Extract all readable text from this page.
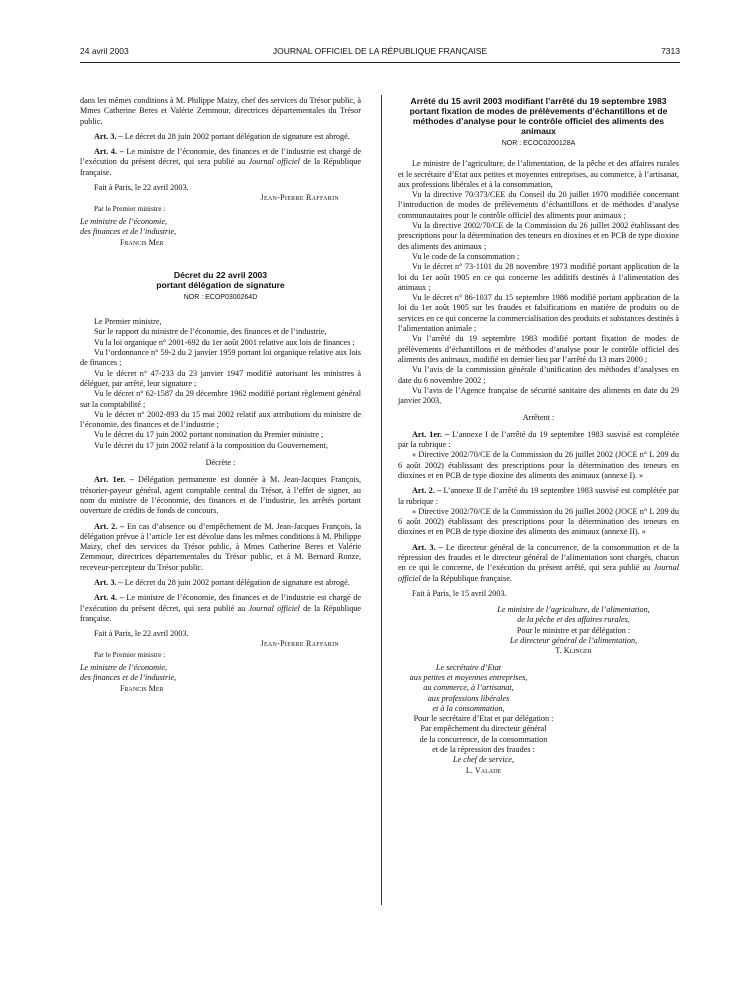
24 avril 2003	JOURNAL OFFICIEL DE LA RÉPUBLIQUE FRANÇAISE	7313

dans les mêmes conditions à M. Philippe Maizy, chef des services du Trésor public, à Mmes Catherine Beres et Valérie Zemmour, directrices départementales du Trésor public.

Art. 3. – Le décret du 28 juin 2002 portant délégation de signature est abrogé.

Art. 4. – Le ministre de l’économie, des finances et de l’industrie est chargé de l’exécution du présent décret, qui sera publié au Journal officiel de la République française.

Fait à Paris, le 22 avril 2003.

Jean-Pierre Raffarin

Par le Premier ministre :

Le ministre de l’économie,

des finances et de l’industrie,

Francis Mer

Décret du 22 avril 2003
portant délégation de signature
NOR : ECOP0300264D

Le Premier ministre,

Sur le rapport du ministre de l’économie, des finances et de l’industrie,

Vu la loi organique n° 2001-692 du 1er août 2001 relative aux lois de finances ;

Vu l’ordonnance n° 59-2 du 2 janvier 1959 portant loi organique relative aux lois de finances ;

Vu le décret n° 47-233 du 23 janvier 1947 modifié autorisant les ministres à déléguer, par arrêté, leur signature ;

Vu le décret n° 62-1587 du 29 décembre 1962 modifié portant règlement général sur la comptabilité ;

Vu le décret n° 2002-893 du 15 mai 2002 relatif aux attributions du ministre de l’économie, des finances et de l’industrie ;

Vu le décret du 17 juin 2002 portant nomination du Premier ministre ;

Vu le décret du 17 juin 2002 relatif à la composition du Gouvernement,

Décrète :

Art. 1er. – Délégation permanente est donnée à M. Jean-Jacques François, trésorier-payeur général, agent comptable central du Trésor, à l’effet de signer, au nom du ministre de l’économie, des finances et de l’industrie, les arrêtés portant ouverture de crédits de fonds de concours.

Art. 2. – En cas d’absence ou d’empêchement de M. Jean-Jacques François, la délégation prévue à l’article 1er est dévolue dans les mêmes conditions à M. Philippe Maizy, chef des services du Trésor public, à Mmes Catherine Beres et Valérie Zemmour, directrices départementales du Trésor public, et à M. Bernard Ronze, receveur-percepteur du Trésor public.

Art. 3. – Le décret du 28 juin 2002 portant délégation de signature est abrogé.

Art. 4. – Le ministre de l’économie, des finances et de l’industrie est chargé de l’exécution du présent décret, qui sera publié au Journal officiel de la République française.

Fait à Paris, le 22 avril 2003.

Jean-Pierre Raffarin

Par le Premier ministre :

Le ministre de l’économie,

des finances et de l’industrie,

Francis Mer

Arrêté du 15 avril 2003 modifiant l’arrêté du 19 septembre 1983 portant fixation de modes de prélèvements d’échantillons et de méthodes d’analyse pour le contrôle officiel des aliments des animaux
NOR : ECOC0200128A

Le ministre de l’agriculture, de l’alimentation, de la pêche et des affaires rurales et le secrétaire d’Etat aux petites et moyennes entreprises, au commerce, à l’artisanat, aux professions libérales et à la consommation,

Vu la directive 70/373/CEE du Conseil du 20 juillet 1970 modifiée concernant l’introduction de modes de prélèvements d’échantillons et de méthodes d’analyse communautaires pour le contrôle officiel des aliments pour animaux ;

Vu la directive 2002/70/CE de la Commission du 26 juillet 2002 établissant des prescriptions pour la détermination des teneurs en dioxines et en PCB de type dioxine des aliments des animaux ;

Vu le code de la consommation ;

Vu le décret n° 73-1101 du 28 novembre 1973 modifié portant application de la loi du 1er août 1905 en ce qui concerne les additifs destinés à l’alimentation des animaux ;

Vu le décret n° 86-1037 du 15 septembre 1986 modifié portant application de la loi du 1er août 1905 sur les fraudes et falsifications en matière de produits ou de services en ce qui concerne la commercialisation des produits et substances destinés à l’alimentation animale ;

Vu l’arrêté du 19 septembre 1983 modifié portant fixation de modes de prélèvements d’échantillons et de méthodes d’analyse pour le contrôle officiel des aliments des animaux, modifié en dernier lieu par l’arrêté du 13 mars 2000 ;

Vu l’avis de la commission générale d’unification des méthodes d’analyses en date du 6 novembre 2002 ;

Vu l’avis de l’Agence française de sécurité sanitaire des aliments en date du 29 janvier 2003,

Arrêtent :

Art. 1er. – L’annexe I de l’arrêté du 19 septembre 1983 susvisé est complétée par la rubrique :

« Directive 2002/70/CE de la Commission du 26 juillet 2002 (JOCE n° L 209 du 6 août 2002) établissant des prescriptions pour la détermination des teneurs en dioxines et en PCB de type dioxine des aliments des animaux (annexe I). »

Art. 2. – L’annexe II de l’arrêté du 19 septembre 1983 susvisé est complétée par la rubrique :

« Directive 2002/70/CE de la Commission du 26 juillet 2002 (JOCE n° L 209 du 6 août 2002) établissant des prescriptions pour la détermination des teneurs en dioxines et en PCB de type dioxine des aliments des animaux (annexe II). »

Art. 3. – Le directeur général de la concurrence, de la consommation et de la répression des fraudes et le directeur général de l’alimentation sont chargés, chacun en ce qui le concerne, de l’exécution du présent arrêté, qui sera publié au Journal officiel de la République française.

Fait à Paris, le 15 avril 2003.

Le ministre de l’agriculture, de l’alimentation,
de la pêche et des affaires rurales,
Pour le ministre et par délégation :
Le directeur général de l’alimentation,
T. Klinger
Le secrétaire d’Etat
aux petites et moyennes entreprises,
au commerce, à l’artisanat,
aux professions libérales
et à la consommation,
Pour le secrétaire d’Etat et par délégation :
Par empêchement du directeur général
de la concurrence, de la consommation
et de la répression des fraudes :
Le chef de service,
L. Valade
